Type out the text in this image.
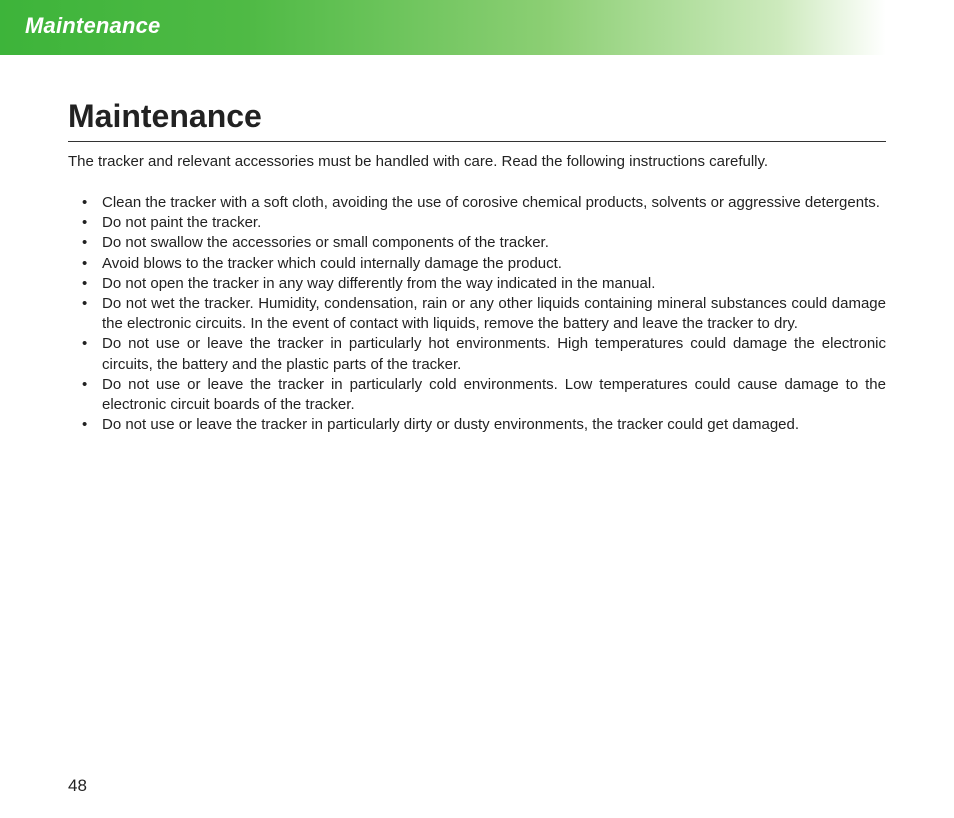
Maintenance
Maintenance

The tracker and relevant accessories must be handled with care. Read the following instructions carefully.

• Clean the tracker with a soft cloth, avoiding the use of corosive chemical products, solvents or aggressive detergents.
• Do not paint the tracker.
• Do not swallow the accessories or small components of the tracker.
• Avoid blows to the tracker which could internally damage the product.
• Do not open the tracker in any way differently from the way indicated in the manual.
• Do not wet the tracker. Humidity, condensation, rain or any other liquids containing mineral substances could damage the electronic circuits. In the event of contact with liquids, remove the battery and leave the tracker to dry.
• Do not use or leave the tracker in particularly hot environments. High temperatures could damage the electronic circuits, the battery and the plastic parts of the tracker.
• Do not use or leave the tracker in particularly cold environments. Low temperatures could cause damage to the electronic circuit boards of the tracker.
• Do not use or leave the tracker in particularly dirty or dusty environments, the tracker could get damaged.
48
